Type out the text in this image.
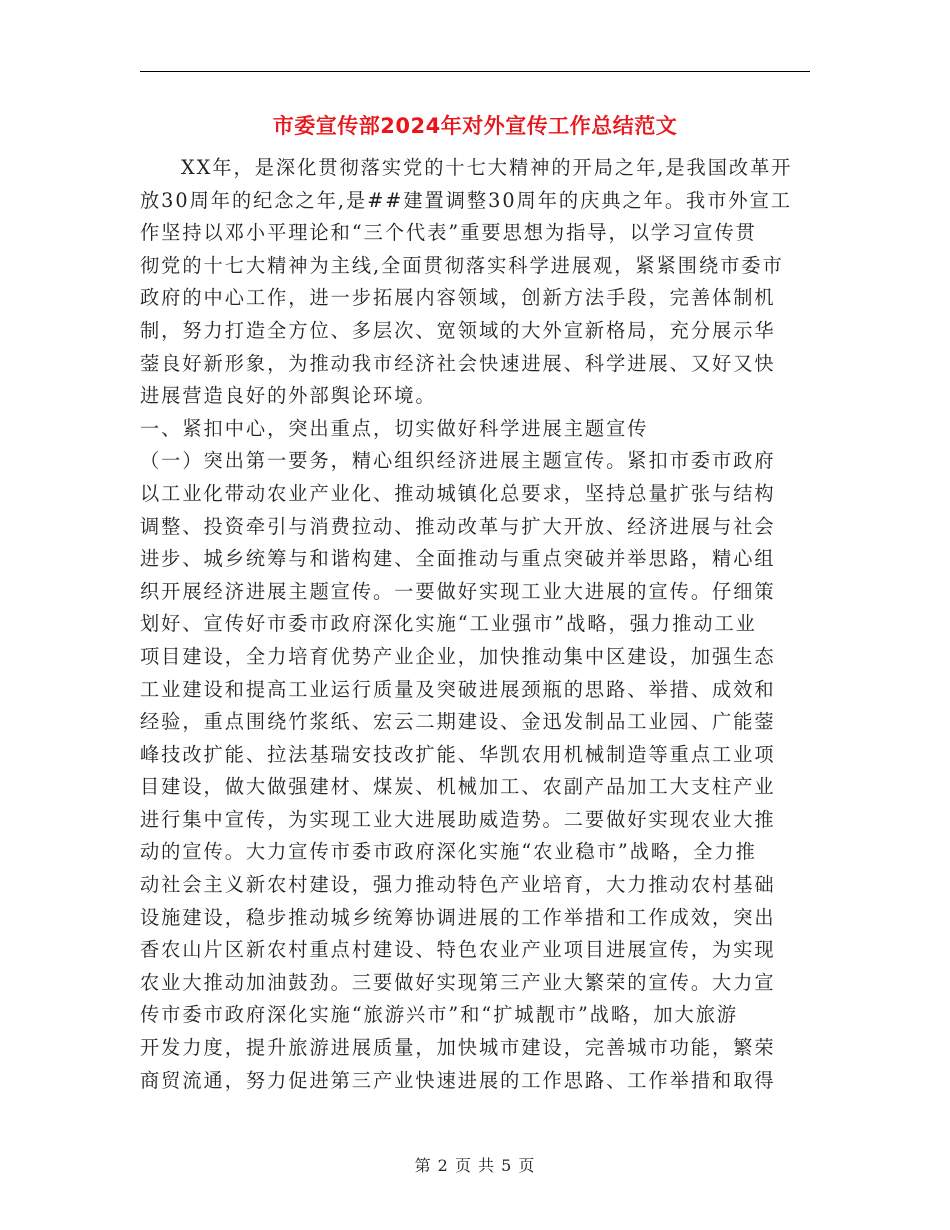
市委宣传部2024年对外宣传工作总结范文
XX年，是深化贯彻落实党的十七大精神的开局之年,是我国改革开
放30周年的纪念之年,是##建置调整30周年的庆典之年。我市外宣工
作坚持以邓小平理论和“三个代表”重要思想为指导，以学习宣传贯
彻党的十七大精神为主线,全面贯彻落实科学进展观，紧紧围绕市委市
政府的中心工作，进一步拓展内容领域，创新方法手段，完善体制机
制，努力打造全方位、多层次、宽领域的大外宣新格局，充分展示华
蓥良好新形象，为推动我市经济社会快速进展、科学进展、又好又快
进展营造良好的外部舆论环境。
一、紧扣中心，突出重点，切实做好科学进展主题宣传
（一）突出第一要务，精心组织经济进展主题宣传。紧扣市委市政府
以工业化带动农业产业化、推动城镇化总要求，坚持总量扩张与结构
调整、投资牵引与消费拉动、推动改革与扩大开放、经济进展与社会
进步、城乡统筹与和谐构建、全面推动与重点突破并举思路，精心组
织开展经济进展主题宣传。一要做好实现工业大进展的宣传。仔细策
划好、宣传好市委市政府深化实施“工业强市”战略，强力推动工业
项目建设，全力培育优势产业企业，加快推动集中区建设，加强生态
工业建设和提高工业运行质量及突破进展颈瓶的思路、举措、成效和
经验，重点围绕竹浆纸、宏云二期建设、金迅发制品工业园、广能蓥
峰技改扩能、拉法基瑞安技改扩能、华凯农用机械制造等重点工业项
目建设，做大做强建材、煤炭、机械加工、农副产品加工大支柱产业
进行集中宣传，为实现工业大进展助威造势。二要做好实现农业大推
动的宣传。大力宣传市委市政府深化实施“农业稳市”战略，全力推
动社会主义新农村建设，强力推动特色产业培育，大力推动农村基础
设施建设，稳步推动城乡统筹协调进展的工作举措和工作成效，突出
香农山片区新农村重点村建设、特色农业产业项目进展宣传，为实现
农业大推动加油鼓劲。三要做好实现第三产业大繁荣的宣传。大力宣
传市委市政府深化实施“旅游兴市”和“扩城靓市”战略，加大旅游
开发力度，提升旅游进展质量，加快城市建设，完善城市功能，繁荣
商贸流通，努力促进第三产业快速进展的工作思路、工作举措和取得
第 2 页 共 5 页
